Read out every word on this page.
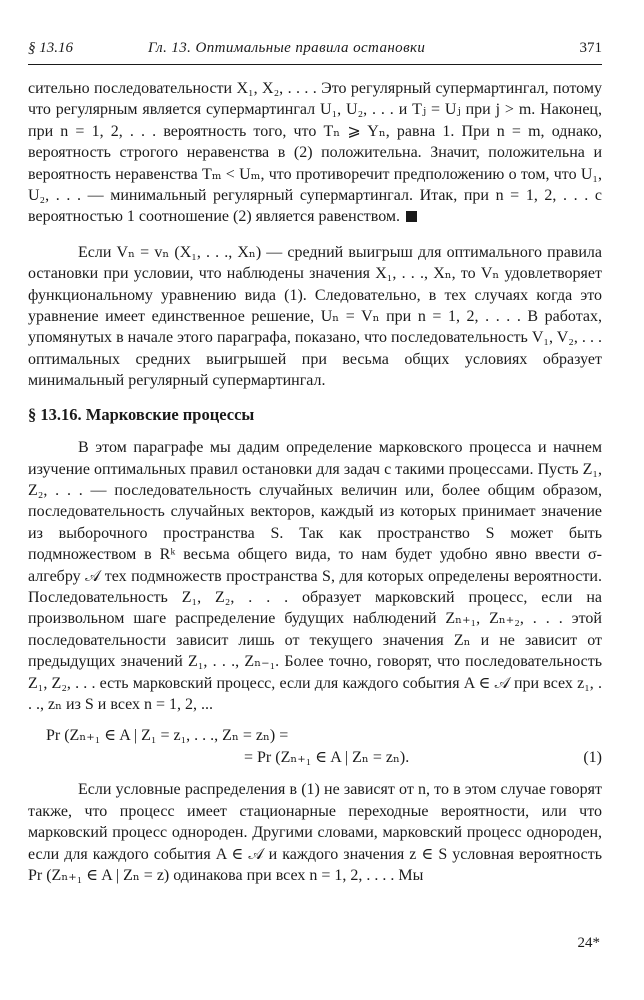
§ 13.16	Гл. 13. Оптимальные правила остановки	371

сительно последовательности X₁, X₂, . . . . Это регулярный супермартингал, потому что регулярным является супермартингал U₁, U₂, . . . и Tⱼ = Uⱼ при j > m. Наконец, при n = 1, 2, . . . вероятность того, что Tₙ ⩾ Yₙ, равна 1. При n = m, однако, вероятность строгого неравенства в (2) положительна. Значит, положительна и вероятность неравенства Tₘ < Uₘ, что противоречит предположению о том, что U₁, U₂, . . . — минимальный регулярный супермартингал. Итак, при n = 1, 2, . . . с вероятностью 1 соотношение (2) является равенством.

Если Vₙ = vₙ (X₁, . . ., Xₙ) — средний выигрыш для оптимального правила остановки при условии, что наблюдены значения X₁, . . ., Xₙ, то Vₙ удовлетворяет функциональному уравнению вида (1). Следовательно, в тех случаях когда это уравнение имеет единственное решение, Uₙ = Vₙ при n = 1, 2, . . . . В работах, упомянутых в начале этого параграфа, показано, что последовательность V₁, V₂, . . . оптимальных средних выигрышей при весьма общих условиях образует минимальный регулярный супермартингал.

§ 13.16. Марковские процессы

В этом параграфе мы дадим определение марковского процесса и начнем изучение оптимальных правил остановки для задач с такими процессами. Пусть Z₁, Z₂, . . . — последовательность случайных величин или, более общим образом, последовательность случайных векторов, каждый из которых принимает значение из выборочного пространства S. Так как пространство S может быть подмножеством в Rᵏ весьма общего вида, то нам будет удобно явно ввести σ-алгебру 𝒜 тех подмножеств пространства S, для которых определены вероятности. Последовательность Z₁, Z₂, . . . образует марковский процесс, если на произвольном шаге распределение будущих наблюдений Zₙ₊₁, Zₙ₊₂, . . . этой последовательности зависит лишь от текущего значения Zₙ и не зависит от предыдущих значений Z₁, . . ., Zₙ₋₁. Более точно, говорят, что последовательность Z₁, Z₂, . . . есть марковский процесс, если для каждого события A ∈ 𝒜 при всех z₁, . . ., zₙ из S и всех n = 1, 2, ...

Pr (Zₙ₊₁ ∈ A | Z₁ = z₁, . . ., Zₙ = zₙ) =
= Pr (Zₙ₊₁ ∈ A | Zₙ = zₙ).	(1)

Если условные распределения в (1) не зависят от n, то в этом случае говорят также, что процесс имеет стационарные переходные вероятности, или что марковский процесс однороден. Другими словами, марковский процесс однороден, если для каждого события A ∈ 𝒜 и каждого значения z ∈ S условная вероятность Pr (Zₙ₊₁ ∈ A | Zₙ = z) одинакова при всех n = 1, 2, . . . . Мы

24*
